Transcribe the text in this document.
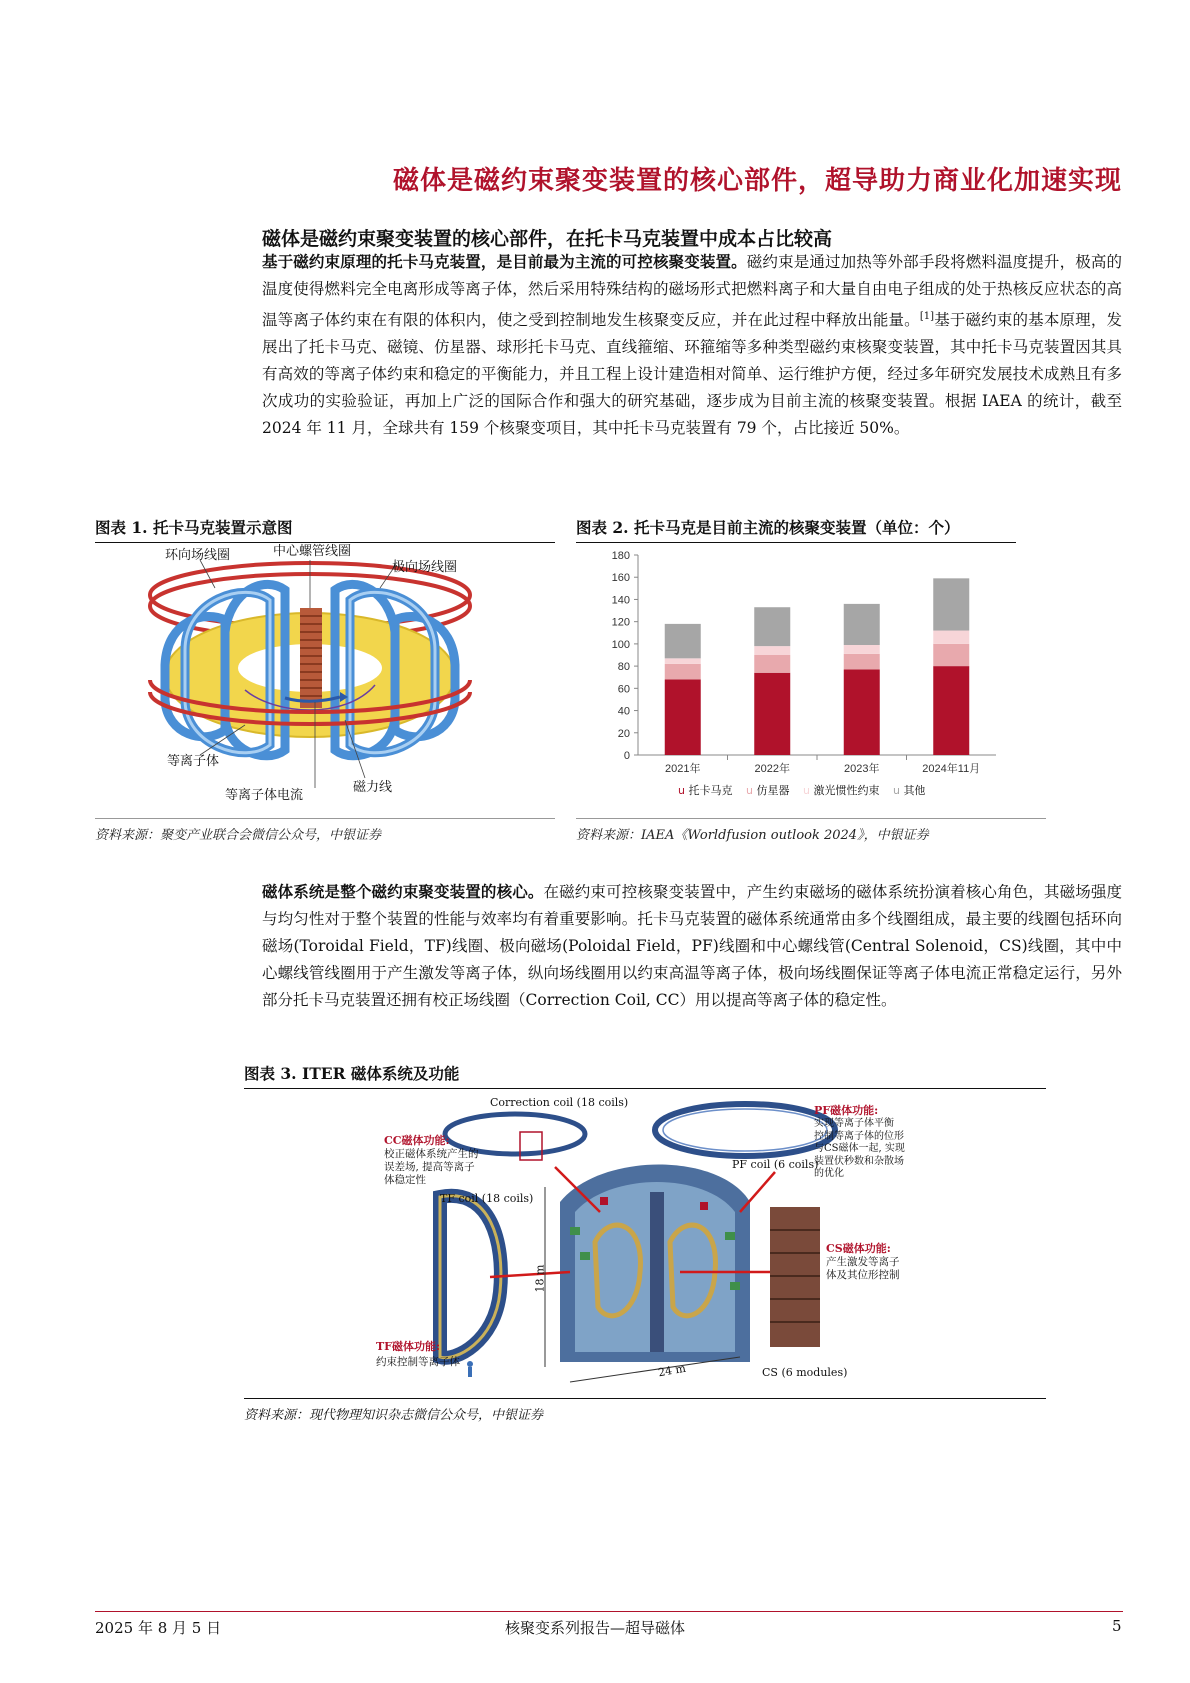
磁体是磁约束聚变装置的核心部件，超导助力商业化加速实现
磁体是磁约束聚变装置的核心部件，在托卡马克装置中成本占比较高
基于磁约束原理的托卡马克装置，是目前最为主流的可控核聚变装置。磁约束是通过加热等外部手段将燃料温度提升，极高的温度使得燃料完全电离形成等离子体，然后采用特殊结构的磁场形式把燃料离子和大量自由电子组成的处于热核反应状态的高温等离子体约束在有限的体积内，使之受到控制地发生核聚变反应，并在此过程中释放出能量。[1]基于磁约束的基本原理，发展出了托卡马克、磁镜、仿星器、球形托卡马克、直线箍缩、环箍缩等多种类型磁约束核聚变装置，其中托卡马克装置因其具有高效的等离子体约束和稳定的平衡能力，并且工程上设计建造相对简单、运行维护方便，经过多年研究发展技术成熟且有多次成功的实验验证，再加上广泛的国际合作和强大的研究基础，逐步成为目前主流的核聚变装置。根据 IAEA 的统计，截至 2024 年 11 月，全球共有 159 个核聚变项目，其中托卡马克装置有 79 个，占比接近 50%。
图表 1. 托卡马克装置示意图
环向场线圈	中心螺管线圈
极向场线圈
等离子体
等离子体电流
磁力线
资料来源：聚变产业联合会微信公众号，中银证券
图表 2. 托卡马克是目前主流的核聚变装置（单位：个）
0
20
40
60
80
100
120
140
160
180
2021年	2022年	2023年	2024年11月
u 托卡马克 u 仿星器 u 激光惯性约束 u 其他
资料来源：IAEA《Worldfusion outlook 2024》，中银证券
磁体系统是整个磁约束聚变装置的核心。在磁约束可控核聚变装置中，产生约束磁场的磁体系统扮演着核心角色，其磁场强度与均匀性对于整个装置的性能与效率均有着重要影响。托卡马克装置的磁体系统通常由多个线圈组成，最主要的线圈包括环向磁场(Toroidal Field，TF)线圈、极向磁场(Poloidal Field，PF)线圈和中心螺线管(Central Solenoid，CS)线圈，其中中心螺线管线圈用于产生激发等离子体，纵向场线圈用以约束高温等离子体，极向场线圈保证等离子体电流正常稳定运行，另外部分托卡马克装置还拥有校正场线圈（Correction Coil, CC）用以提高等离子体的稳定性。
图表 3. ITER 磁体系统及功能
Correction coil (18 coils)
CC磁体功能:
校正磁体系统产生的
误差场, 提高等离子
体稳定性
TF coil (18 coils)
TF磁体功能:
约束控制等离子体
PF磁体功能:
实现等离子体平衡
控制等离子体的位形
与CS磁体一起, 实现
装置伏秒数和杂散场
的优化
PF coil (6 coils)
CS磁体功能:
产生激发等离子
体及其位形控制
CS (6 modules)
18 m
24 m
资料来源：现代物理知识杂志微信公众号，中银证券
2025 年 8 月 5 日	核聚变系列报告—超导磁体	5
